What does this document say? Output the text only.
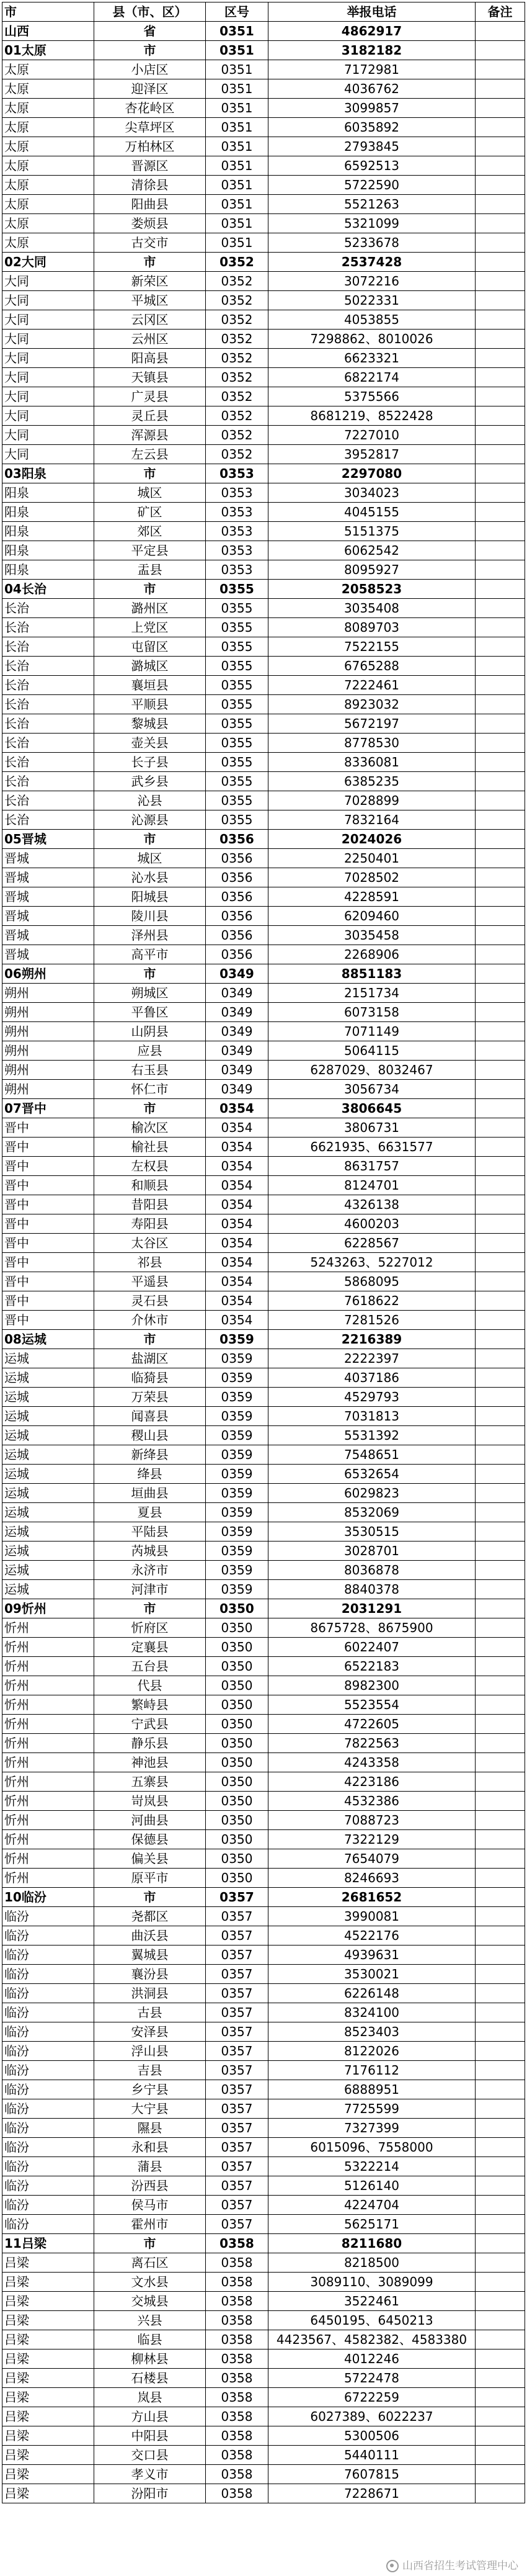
市	县（市、区）	区号	举报电话	备注
山西	省	0351	4862917	
01太原	市	0351	3182182	
太原	小店区	0351	7172981	
太原	迎泽区	0351	4036762	
太原	杏花岭区	0351	3099857	
太原	尖草坪区	0351	6035892	
太原	万柏林区	0351	2793845	
太原	晋源区	0351	6592513	
太原	清徐县	0351	5722590	
太原	阳曲县	0351	5521263	
太原	娄烦县	0351	5321099	
太原	古交市	0351	5233678	
02大同	市	0352	2537428	
大同	新荣区	0352	3072216	
大同	平城区	0352	5022331	
大同	云冈区	0352	4053855	
大同	云州区	0352	7298862、8010026	
大同	阳高县	0352	6623321	
大同	天镇县	0352	6822174	
大同	广灵县	0352	5375566	
大同	灵丘县	0352	8681219、8522428	
大同	浑源县	0352	7227010	
大同	左云县	0352	3952817	
03阳泉	市	0353	2297080	
阳泉	城区	0353	3034023	
阳泉	矿区	0353	4045155	
阳泉	郊区	0353	5151375	
阳泉	平定县	0353	6062542	
阳泉	盂县	0353	8095927	
04长治	市	0355	2058523	
长治	潞州区	0355	3035408	
长治	上党区	0355	8089703	
长治	屯留区	0355	7522155	
长治	潞城区	0355	6765288	
长治	襄垣县	0355	7222461	
长治	平顺县	0355	8923032	
长治	黎城县	0355	5672197	
长治	壶关县	0355	8778530	
长治	长子县	0355	8336081	
长治	武乡县	0355	6385235	
长治	沁县	0355	7028899	
长治	沁源县	0355	7832164	
05晋城	市	0356	2024026	
晋城	城区	0356	2250401	
晋城	沁水县	0356	7028502	
晋城	阳城县	0356	4228591	
晋城	陵川县	0356	6209460	
晋城	泽州县	0356	3035458	
晋城	高平市	0356	2268906	
06朔州	市	0349	8851183	
朔州	朔城区	0349	2151734	
朔州	平鲁区	0349	6073158	
朔州	山阴县	0349	7071149	
朔州	应县	0349	5064115	
朔州	右玉县	0349	6287029、8032467	
朔州	怀仁市	0349	3056734	
07晋中	市	0354	3806645	
晋中	榆次区	0354	3806731	
晋中	榆社县	0354	6621935、6631577	
晋中	左权县	0354	8631757	
晋中	和顺县	0354	8124701	
晋中	昔阳县	0354	4326138	
晋中	寿阳县	0354	4600203	
晋中	太谷区	0354	6228567	
晋中	祁县	0354	5243263、5227012	
晋中	平遥县	0354	5868095	
晋中	灵石县	0354	7618622	
晋中	介休市	0354	7281526	
08运城	市	0359	2216389	
运城	盐湖区	0359	2222397	
运城	临猗县	0359	4037186	
运城	万荣县	0359	4529793	
运城	闻喜县	0359	7031813	
运城	稷山县	0359	5531392	
运城	新绛县	0359	7548651	
运城	绛县	0359	6532654	
运城	垣曲县	0359	6029823	
运城	夏县	0359	8532069	
运城	平陆县	0359	3530515	
运城	芮城县	0359	3028701	
运城	永济市	0359	8036878	
运城	河津市	0359	8840378	
09忻州	市	0350	2031291	
忻州	忻府区	0350	8675728、8675900	
忻州	定襄县	0350	6022407	
忻州	五台县	0350	6522183	
忻州	代县	0350	8982300	
忻州	繁峙县	0350	5523554	
忻州	宁武县	0350	4722605	
忻州	静乐县	0350	7822563	
忻州	神池县	0350	4243358	
忻州	五寨县	0350	4223186	
忻州	岢岚县	0350	4532386	
忻州	河曲县	0350	7088723	
忻州	保德县	0350	7322129	
忻州	偏关县	0350	7654079	
忻州	原平市	0350	8246693	
10临汾	市	0357	2681652	
临汾	尧都区	0357	3990081	
临汾	曲沃县	0357	4522176	
临汾	翼城县	0357	4939631	
临汾	襄汾县	0357	3530021	
临汾	洪洞县	0357	6226148	
临汾	古县	0357	8324100	
临汾	安泽县	0357	8523403	
临汾	浮山县	0357	8122026	
临汾	吉县	0357	7176112	
临汾	乡宁县	0357	6888951	
临汾	大宁县	0357	7725599	
临汾	隰县	0357	7327399	
临汾	永和县	0357	6015096、7558000	
临汾	蒲县	0357	5322214	
临汾	汾西县	0357	5126140	
临汾	侯马市	0357	4224704	
临汾	霍州市	0357	5625171	
11吕梁	市	0358	8211680	
吕梁	离石区	0358	8218500	
吕梁	文水县	0358	3089110、3089099	
吕梁	交城县	0358	3522461	
吕梁	兴县	0358	6450195、6450213	
吕梁	临县	0358	4423567、4582382、4583380	
吕梁	柳林县	0358	4012246	
吕梁	石楼县	0358	5722478	
吕梁	岚县	0358	6722259	
吕梁	方山县	0358	6027389、6022237	
吕梁	中阳县	0358	5300506	
吕梁	交口县	0358	5440111	
吕梁	孝义市	0358	7607815	
吕梁	汾阳市	0358	7228671	
山西省招生考试管理中心
